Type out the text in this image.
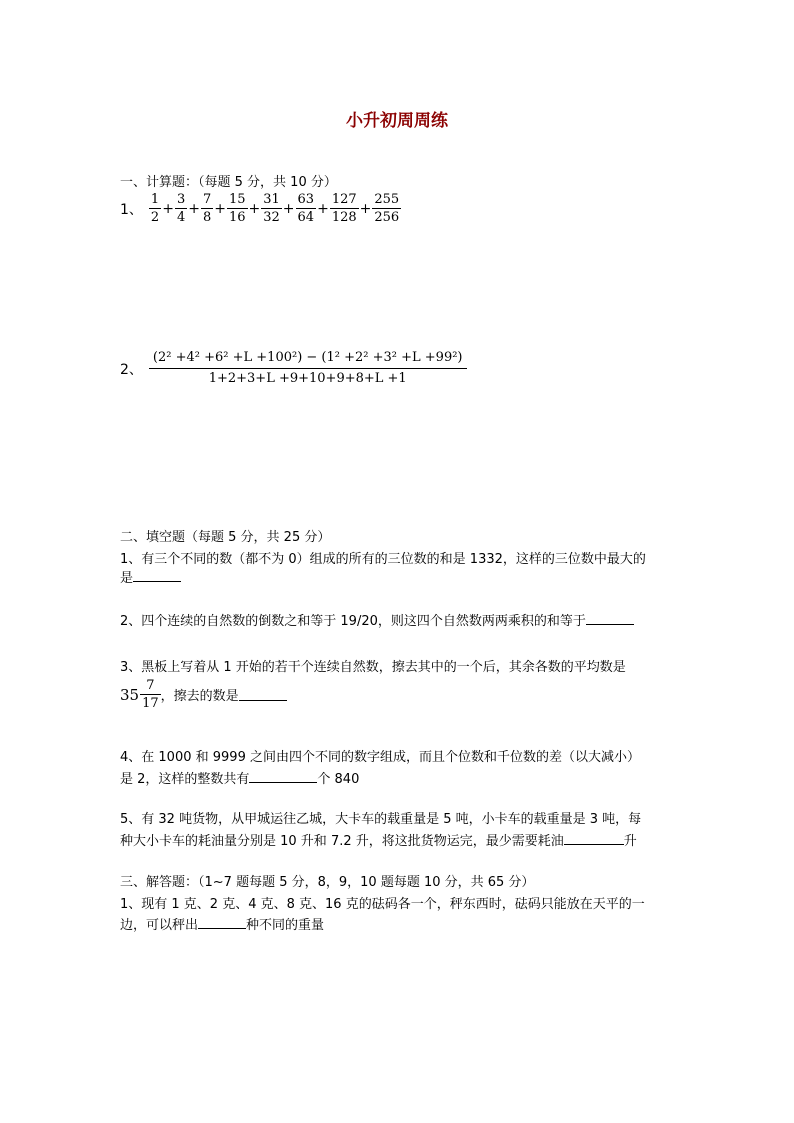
小升初周周练
一、计算题：（每题 5 分，共 10 分）
1、 $\frac{1}{2} + \frac{3}{4} + \frac{7}{8} + \frac{15}{16} + \frac{31}{32} + \frac{63}{64} + \frac{127}{128} + \frac{255}{256}$
2、 $\frac{\text{(2² +4² +6² +L +100²) − (1² +2² +3² +L +99²)}}{1+2+3+L +9+10+9+8+L +1}$
二、填空题（每题 5 分，共 25 分）
1、有三个不同的数（都不为 0）组成的所有的三位数的和是 1332，这样的三位数中最大的
是
2、四个连续的自然数的倒数之和等于 19/20，则这四个自然数两两乘积的和等于
3、黑板上写着从 1 开始的若干个连续自然数，擦去其中的一个后，其余各数的平均数是
$35 \frac{7}{17}$ ，擦去的数是
4、在 1000 和 9999 之间由四个不同的数字组成，而且个位数和千位数的差（以大减小）
是 2，这样的整数共有	个 840
5、有 32 吨货物，从甲城运往乙城，大卡车的载重量是 5 吨，小卡车的载重量是 3 吨，每
种大小卡车的耗油量分别是 10 升和 7.2 升，将这批货物运完，最少需要耗油	升
三、解答题：（1~7 题每题 5 分，8，9，10 题每题 10 分，共 65 分）
1、现有 1 克、2 克、4 克、8 克、16 克的砝码各一个，秤东西时，砝码只能放在天平的一
边，可以秤出	种不同的重量
